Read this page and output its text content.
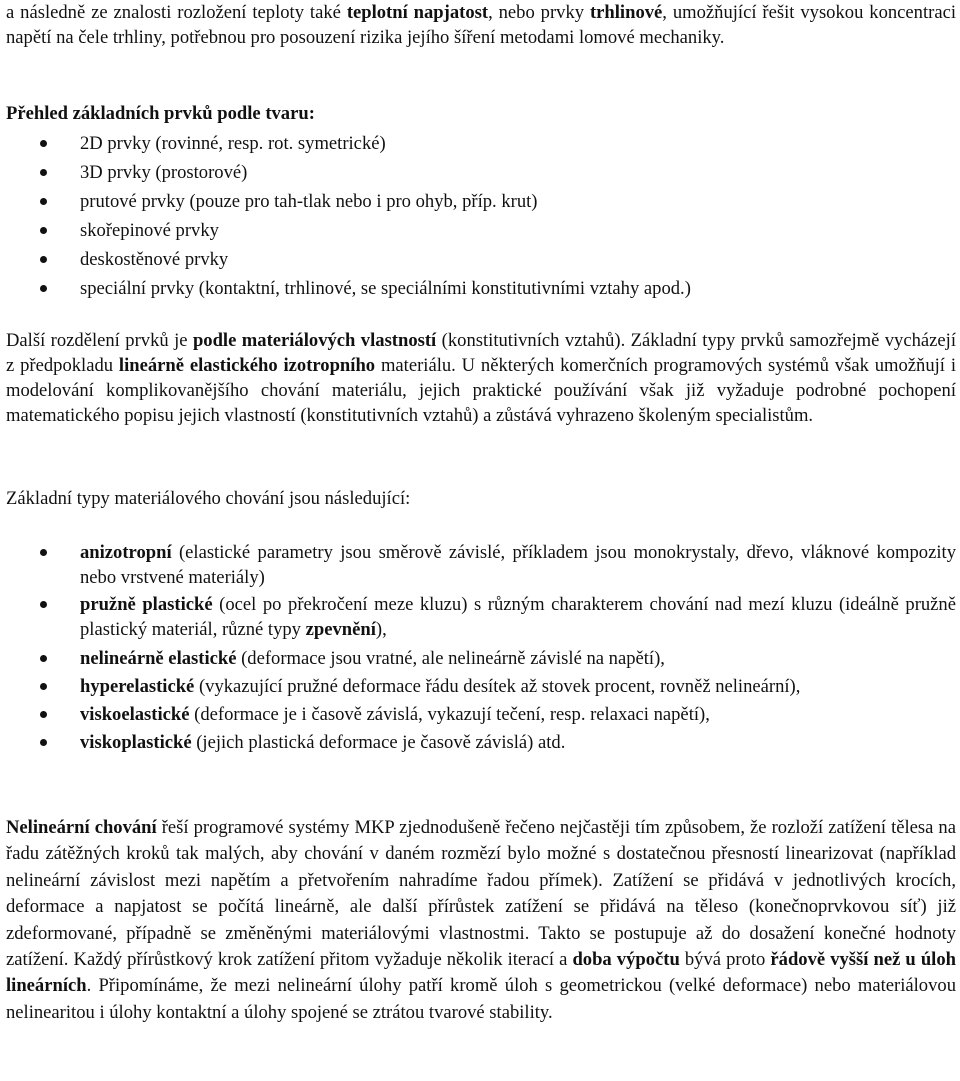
a následně ze znalosti rozložení teploty také teplotní napjatost, nebo prvky trhlinové, umožňující řešit vysokou koncentraci napětí na čele trhliny, potřebnou pro posouzení rizika jejího šíření metodami lomové mechaniky.

Přehled základních prvků podle tvaru:

2D prvky (rovinné, resp. rot. symetrické)
3D prvky (prostorové)
prutové prvky (pouze pro tah-tlak nebo i pro ohyb, příp. krut)
skořepinové prvky
deskostěnové prvky
speciální prvky (kontaktní, trhlinové, se speciálními konstitutivními vztahy apod.)

Další rozdělení prvků je podle materiálových vlastností (konstitutivních vztahů). Základní typy prvků samozřejmě vycházejí z předpokladu lineárně elastického izotropního materiálu. U některých komerčních programových systémů však umožňují i modelování komplikovanějšího chování materiálu, jejich praktické používání však již vyžaduje podrobné pochopení matematického popisu jejich vlastností (konstitutivních vztahů) a zůstává vyhrazeno školeným specialistům.

Základní typy materiálového chování jsou následující:

anizotropní (elastické parametry jsou směrově závislé, příkladem jsou monokrystaly, dřevo, vláknové kompozity nebo vrstvené materiály)
pružně plastické (ocel po překročení meze kluzu) s různým charakterem chování nad mezí kluzu (ideálně pružně plastický materiál, různé typy zpevnění),
nelineárně elastické (deformace jsou vratné, ale nelineárně závislé na napětí),
hyperelastické (vykazující pružné deformace řádu desítek až stovek procent, rovněž nelineární),
viskoelastické (deformace je i časově závislá, vykazují tečení, resp. relaxaci napětí),
viskoplastické (jejich plastická deformace je časově závislá) atd.

Nelineární chování řeší programové systémy MKP zjednodušeně řečeno nejčastěji tím způsobem, že rozloží zatížení tělesa na řadu zátěžných kroků tak malých, aby chování v daném rozmězí bylo možné s dostatečnou přesností linearizovat (například nelineární závislost mezi napětím a přetvořením nahradíme řadou přímek). Zatížení se přidává v jednotlivých krocích, deformace a napjatost se počítá lineárně, ale další přírůstek zatížení se přidává na těleso (konečnoprvkovou síť) již zdeformované, případně se změněnými materiálovými vlastnostmi. Takto se postupuje až do dosažení konečné hodnoty zatížení. Každý přírůstkový krok zatížení přitom vyžaduje několik iterací a doba výpočtu bývá proto řádově vyšší než u úloh lineárních. Připomínáme, že mezi nelineární úlohy patří kromě úloh s geometrickou (velké deformace) nebo materiálovou nelinearitou i úlohy kontaktní a úlohy spojené se ztrátou tvarové stability.
